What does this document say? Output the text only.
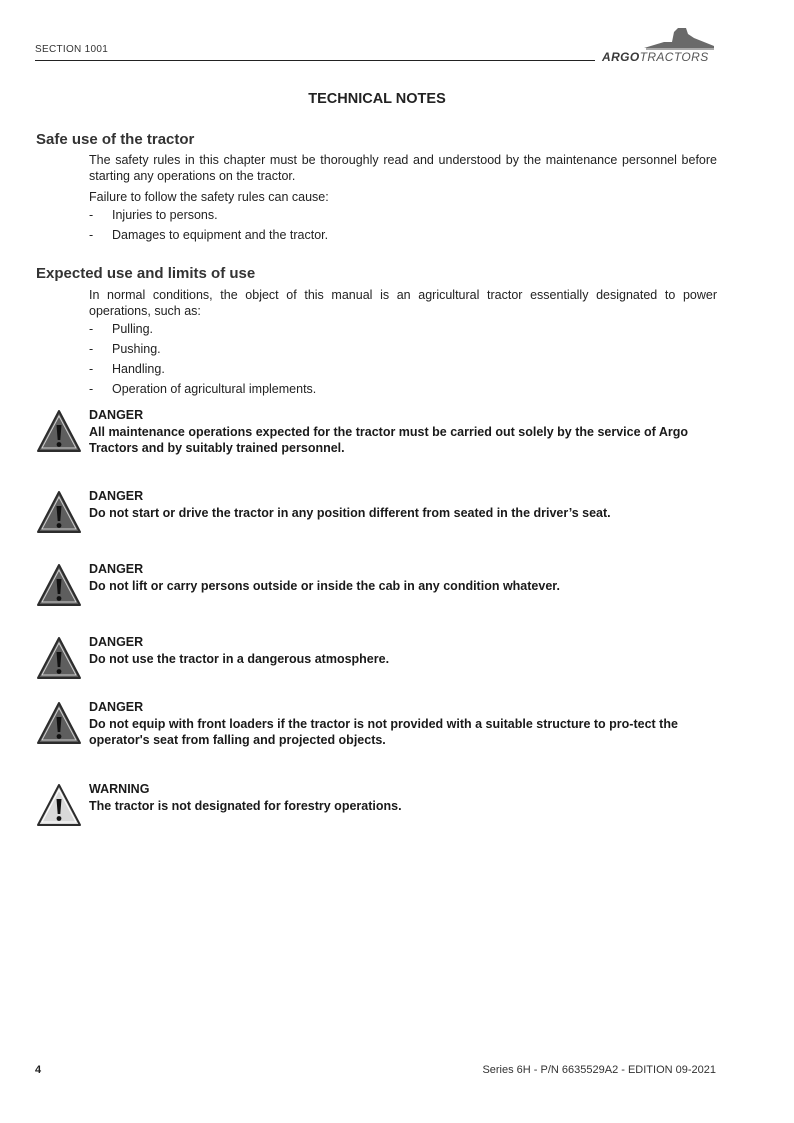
SECTION 1001
ARGOTRACTORS
TECHNICAL NOTES
Safe use of the tractor
The safety rules in this chapter must be thoroughly read and understood by the maintenance personnel before starting any operations on the tractor.
Failure to follow the safety rules can cause:
- Injuries to persons.
- Damages to equipment and the tractor.
Expected use and limits of use
In normal conditions, the object of this manual is an agricultural tractor essentially designated to power operations, such as:
- Pulling.
- Pushing.
- Handling.
- Operation of agricultural implements.
DANGER
All maintenance operations expected for the tractor must be carried out solely by the service of Argo Tractors and by suitably trained personnel.
DANGER
Do not start or drive the tractor in any position different from seated in the driver’s seat.
DANGER
Do not lift or carry persons outside or inside the cab in any condition whatever.
DANGER
Do not use the tractor in a dangerous atmosphere.
DANGER
Do not equip with front loaders if the tractor is not provided with a suitable structure to pro-tect the operator's seat from falling and projected objects.
WARNING
The tractor is not designated for forestry operations.
4	Series 6H - P/N 6635529A2 - EDITION 09-2021
